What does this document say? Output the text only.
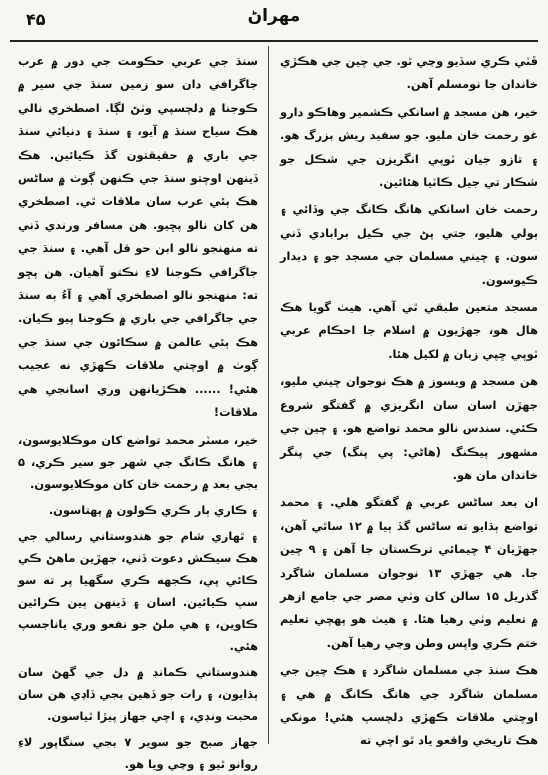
۴۵	مهراڻ

ڦٽي ڪري سڏيو وڃي ٿو. جي چين جي هڪڙي خاندان جا نومسلم آهن.

خير، هن مسجد ۾ اسانکي ڪشمير وهاڪو دارو غو رحمت خان مليو. جو سفيد ريش بزرگ هو. ۽ تازو جيان ٽوپي انگريزن جي شڪل جو شڪار تي جيل ڪاٽيا هئائين.

رحمت خان اسانکي هانگ ڪانگ جي وڏائي ۽ ٻولي هليو، جتي پڻ جي ڪيل برابادي ڏني سون. ۽ چيني مسلمان جي مسجد جو ۽ ديدار ڪيوسون.

مسجد متعين طبقي ٿي آهي. هيٺ گويا هڪ هال هو، جهڙيون ۾ اسلام جا احڪام عربي ٽوپي ڇپي زبان ۾ لکيل هئا.

هن مسجد ۾ ويسوز ۾ هڪ نوجوان چيني مليو، جهڙن اسان سان انگريزي ۾ گفتگو شروع ڪئي. سندس نالو محمد تواضع هو. ۽ چين جي مشهور پيڪنگ (هاڻي: پي پنگ) جي پنگر خاندان مان هو.

ان بعد ساڻس عربي ۾ گفتگو هلي. ۽ محمد تواضع ٻڌايو ته ساڻس گڏ ٻيا ۾ ۱۲ ساٿي آهن، جهڙيان ۴ چيمائي ترڪستان جا آهن ۽ ۹ چين جا. هي جهڙي ۱۳ نوجوان مسلمان شاگرد گذريل ۱۵ سالن کان وٺي مصر جي جامع ازهر ۾ تعليم وٺي رهيا هئا. ۽ هيٺ هو پهچي تعليم ختم ڪري واپس وطن وڃي رهيا آهن.

هڪ سنڌ جي مسلمان شاگرد ۽ هڪ چين جي مسلمان شاگرد جي هانگ ڪانگ ۾ هي ۽ اوچتي ملاقات ڪهڙي دلچسپ هئي! مونکي هڪ تاريخي واقعو ياد ٿو اچي ته

سنڌ جي عربي حڪومت جي دور ۾ عرب جاگرافي دان سو زمين سنڌ جي سير ۾ ڪوجنا ۾ دلچسپي وٺڻ لڳا. اصطخري نالي هڪ سياح سنڌ ۾ آيو، ۽ سنڌ ۽ دنيائي سنڌ جي باري ۾ حقيقتون گڏ ڪيائين. هڪ ڏينهن اوچتو سنڌ جي ڪنهن ڳوٺ ۾ ساڻس هڪ ٻئي عرب سان ملاقات ٿي. اصطخري هن کان نالو پڇيو. هن مسافر ورندي ڏني ته منهنجو نالو ابن حو قل آهي. ۽ سنڌ جي جاگرافي ڪوجنا لاءِ نڪتو آهيان. هن پڇو ته: منهنجو نالو اصطخري آهي ۽ آءُ به سنڌ جي جاگرافي جي باري ۾ ڪوجنا پيو ڪيان. هڪ ٻئي عالمن ۾ سڪائون جي سنڌ جي ڳوٺ ۾ اوچتي ملاقات ڪهڙي نه عجيب هئي! ...... هڪڙيانهن وري اسانجي هي ملاقات!

خير، مسٽر محمد تواضع کان موڪلايوسون، ۽ هانگ ڪانگ جي شهر جو سير ڪري، ۵ بجي بعد ۾ رحمت خان کان موڪلايوسون.

۽ ڪاري ٻار ڪري ڪولون ۾ پهتاسون.

۽ ٿهاري شام جو هندوستاني رسالي جي هڪ سيڪش دعوت ڏني، جهڙين ماهڻ ڪي ڪائي پي، ڪجهه ڪري سگهيا پر ته سو سپ ڪيائين. اسان ۽ ڏينهن ٻين ڪرائين ڪاوين، ۽ هي ملڻ جو نفعو وري ياناجسپ هئي.

هندوستاني ڪمانڊ ۾ دل جي گهڻ سان ٻڌايون، ۽ رات جو ڏهين بجي ڏاڍي هن سان محبت ونڊي، ۽ اچي جهاز پيڙا ٿياسون.

جهاز صبح جو سوير ۷ بجي سنگاپور لاءِ روانو ٿيو ۽ وڃي ويا هو.
